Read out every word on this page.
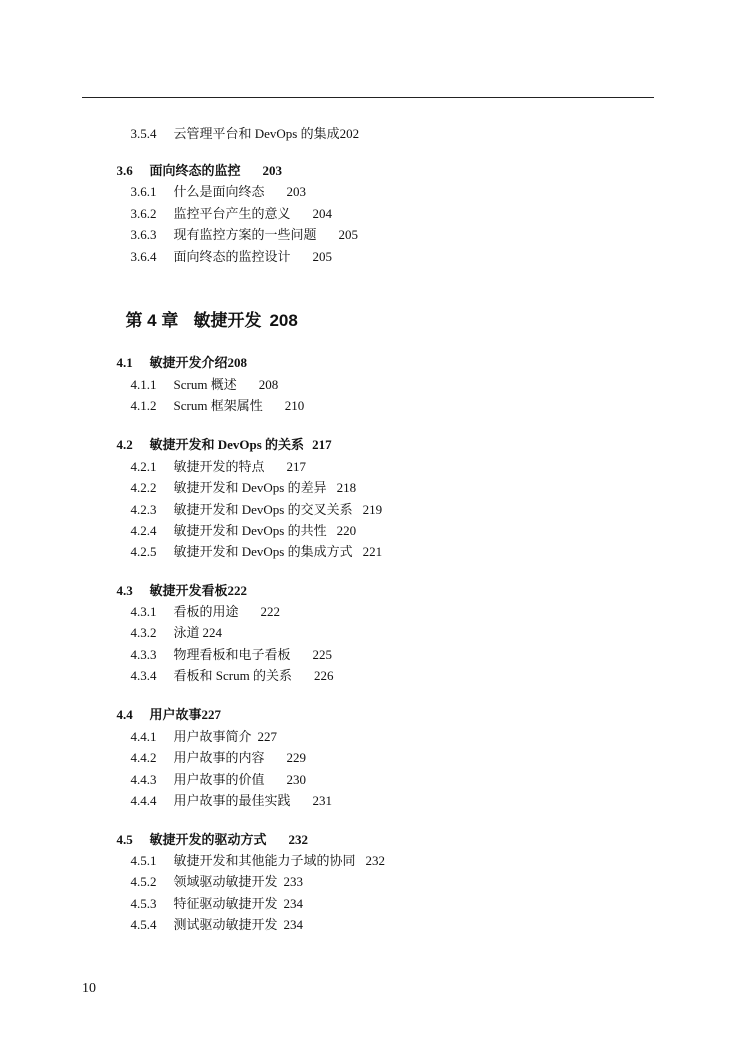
3.5.4 云管理平台和 DevOps 的集成202

3.6 面向终态的监控 203

3.6.1 什么是面向终态 203

3.6.2 监控平台产生的意义 204

3.6.3 现有监控方案的一些问题 205

3.6.4 面向终态的监控设计 205

第 4 章 敏捷开发 208

4.1 敏捷开发介绍208

4.1.1 Scrum 概述 208

4.1.2 Scrum 框架属性 210

4.2 敏捷开发和 DevOps 的关系 217

4.2.1 敏捷开发的特点 217

4.2.2 敏捷开发和 DevOps 的差异 218

4.2.3 敏捷开发和 DevOps 的交叉关系 219

4.2.4 敏捷开发和 DevOps 的共性 220

4.2.5 敏捷开发和 DevOps 的集成方式 221

4.3 敏捷开发看板222

4.3.1 看板的用途 222

4.3.2 泳道 224

4.3.3 物理看板和电子看板 225

4.3.4 看板和 Scrum 的关系 226

4.4 用户故事227

4.4.1 用户故事简介 227

4.4.2 用户故事的内容 229

4.4.3 用户故事的价值 230

4.4.4 用户故事的最佳实践 231

4.5 敏捷开发的驱动方式 232

4.5.1 敏捷开发和其他能力子域的协同 232

4.5.2 领域驱动敏捷开发 233

4.5.3 特征驱动敏捷开发 234

4.5.4 测试驱动敏捷开发 234

10
